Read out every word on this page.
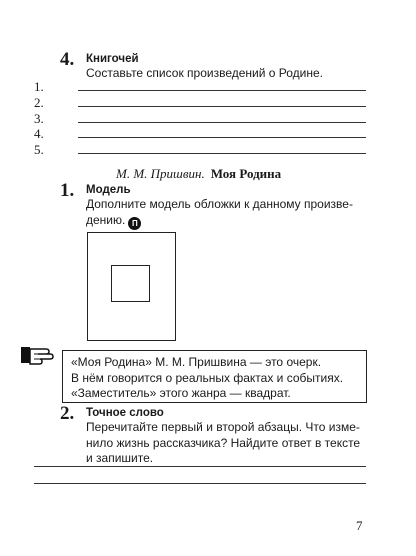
4. Книгочей
Составьте список произведений о Родине.
1.
2.
3.
4.
5.
М. М. Пришвин. Моя Родина
1. Модель
Дополните модель обложки к данному произве-
дению. П
«Моя Родина» М. М. Пришвина — это очерк.
В нём говорится о реальных фактах и событиях.
«Заместитель» этого жанра — квадрат.
2. Точное слово
Перечитайте первый и второй абзацы. Что изме-
нило жизнь рассказчика? Найдите ответ в тексте
и запишите.
7
